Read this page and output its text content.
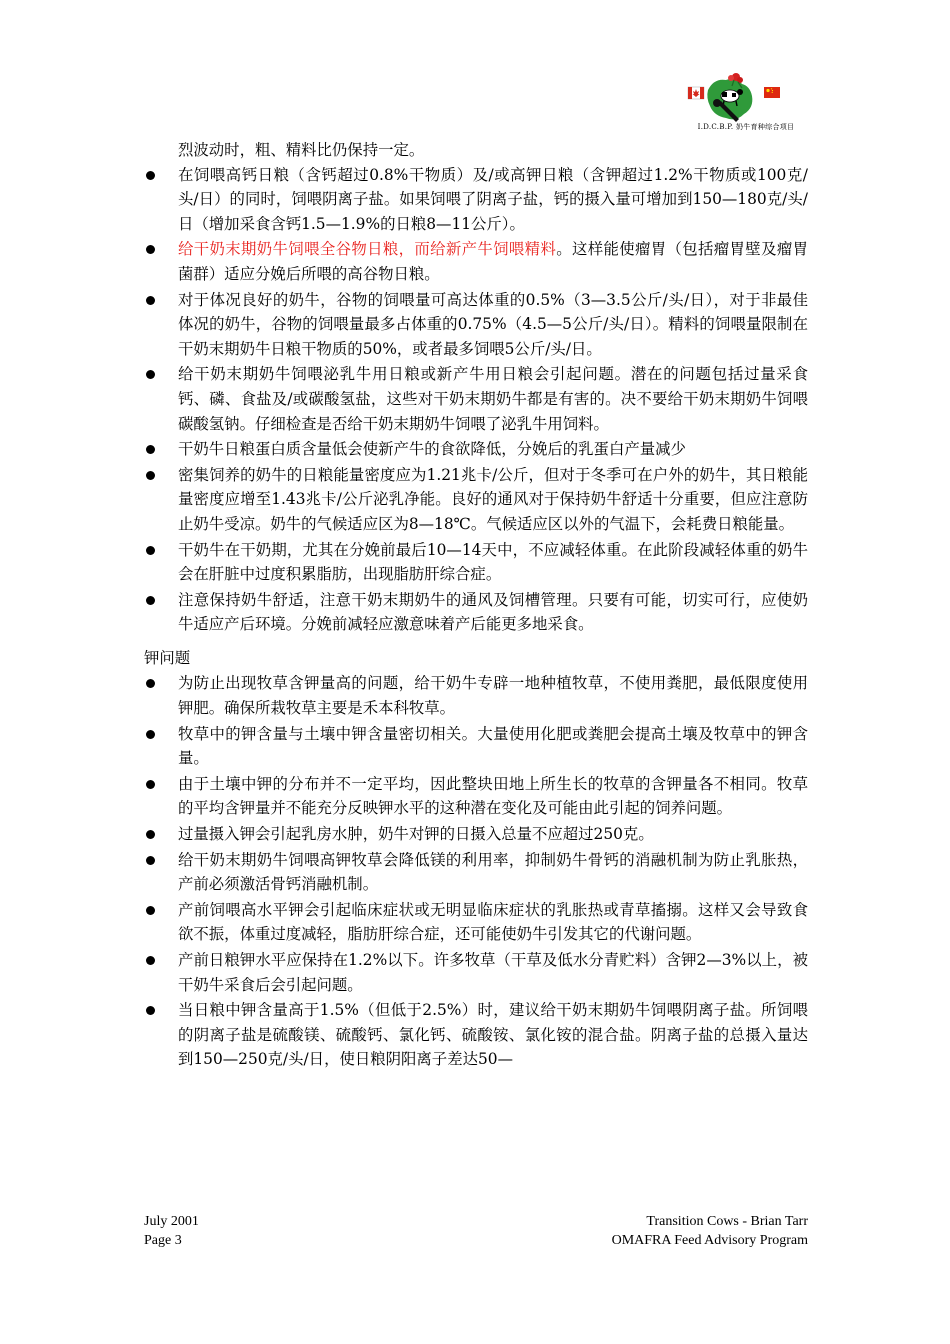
I.D.C.B.P. 奶牛育种综合项目
烈波动时，粗、精料比仍保持一定。
在饲喂高钙日粮（含钙超过0.8%干物质）及/或高钾日粮（含钾超过1.2%干物质或100克/头/日）的同时，饲喂阴离子盐。如果饲喂了阴离子盐，钙的摄入量可增加到150—180克/头/日（增加采食含钙1.5—1.9%的日粮8—11公斤）。
给干奶末期奶牛饲喂全谷物日粮，而给新产牛饲喂精料。这样能使瘤胃（包括瘤胃壁及瘤胃菌群）适应分娩后所喂的高谷物日粮。
对于体况良好的奶牛，谷物的饲喂量可高达体重的0.5%（3—3.5公斤/头/日），对于非最佳体况的奶牛，谷物的饲喂量最多占体重的0.75%（4.5—5公斤/头/日）。精料的饲喂量限制在干奶末期奶牛日粮干物质的50%，或者最多饲喂5公斤/头/日。
给干奶末期奶牛饲喂泌乳牛用日粮或新产牛用日粮会引起问题。潜在的问题包括过量采食钙、磷、食盐及/或碳酸氢盐，这些对干奶末期奶牛都是有害的。决不要给干奶末期奶牛饲喂碳酸氢钠。仔细检查是否给干奶末期奶牛饲喂了泌乳牛用饲料。
干奶牛日粮蛋白质含量低会使新产牛的食欲降低，分娩后的乳蛋白产量减少
密集饲养的奶牛的日粮能量密度应为1.21兆卡/公斤，但对于冬季可在户外的奶牛，其日粮能量密度应增至1.43兆卡/公斤泌乳净能。良好的通风对于保持奶牛舒适十分重要，但应注意防止奶牛受凉。奶牛的气候适应区为8—18℃。气候适应区以外的气温下，会耗费日粮能量。
干奶牛在干奶期，尤其在分娩前最后10—14天中，不应减轻体重。在此阶段减轻体重的奶牛会在肝脏中过度积累脂肪，出现脂肪肝综合症。
注意保持奶牛舒适，注意干奶末期奶牛的通风及饲槽管理。只要有可能，切实可行，应使奶牛适应产后环境。分娩前减轻应激意味着产后能更多地采食。
钾问题
为防止出现牧草含钾量高的问题，给干奶牛专辟一地种植牧草，不使用粪肥，最低限度使用钾肥。确保所栽牧草主要是禾本科牧草。
牧草中的钾含量与土壤中钾含量密切相关。大量使用化肥或粪肥会提高土壤及牧草中的钾含量。
由于土壤中钾的分布并不一定平均，因此整块田地上所生长的牧草的含钾量各不相同。牧草的平均含钾量并不能充分反映钾水平的这种潜在变化及可能由此引起的饲养问题。
过量摄入钾会引起乳房水肿，奶牛对钾的日摄入总量不应超过250克。
给干奶末期奶牛饲喂高钾牧草会降低镁的利用率，抑制奶牛骨钙的消融机制为防止乳胀热，产前必须激活骨钙消融机制。
产前饲喂高水平钾会引起临床症状或无明显临床症状的乳胀热或青草搐搦。这样又会导致食欲不振，体重过度减轻，脂肪肝综合症，还可能使奶牛引发其它的代谢问题。
产前日粮钾水平应保持在1.2%以下。许多牧草（干草及低水分青贮料）含钾2—3%以上，被干奶牛采食后会引起问题。
当日粮中钾含量高于1.5%（但低于2.5%）时，建议给干奶末期奶牛饲喂阴离子盐。所饲喂的阴离子盐是硫酸镁、硫酸钙、氯化钙、硫酸铵、氯化铵的混合盐。阴离子盐的总摄入量达到150—250克/头/日，使日粮阴阳离子差达50—
July 2001
Page 3
Transition Cows - Brian Tarr
OMAFRA Feed Advisory Program
